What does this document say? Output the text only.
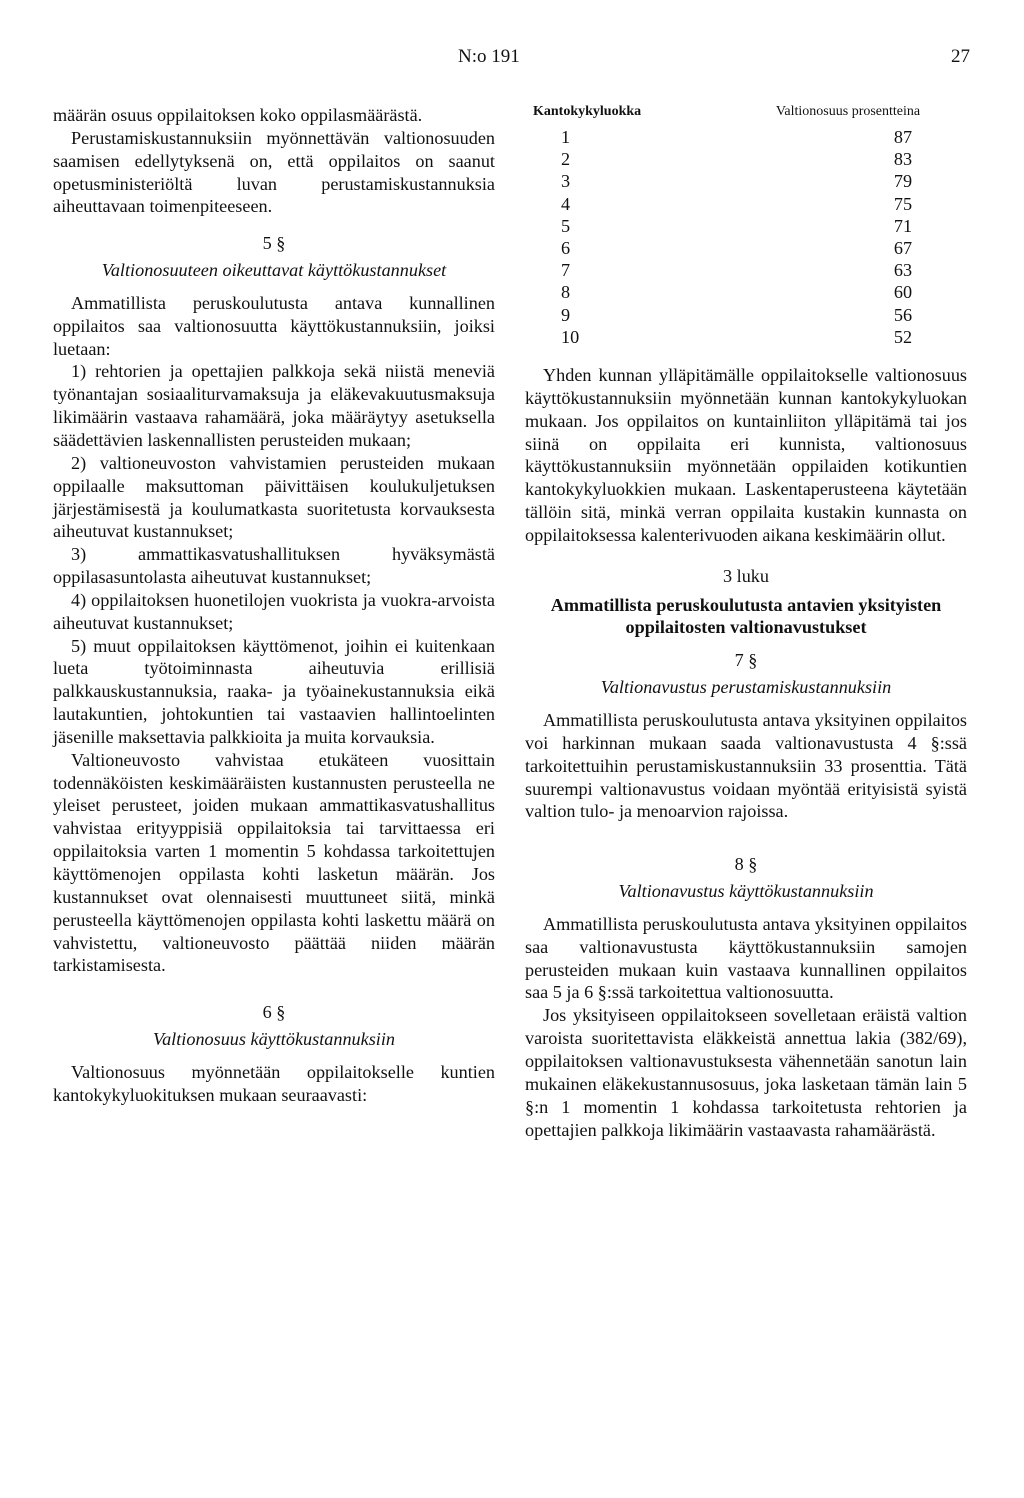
N:o 191	27

määrän osuus oppilaitoksen koko oppilasmäärästä.

Perustamiskustannuksiin myönnettävän valtionosuuden saamisen edellytyksenä on, että oppilaitos on saanut opetusministeriöltä luvan perustamiskustannuksia aiheuttavaan toimenpiteeseen.

5 §
Valtionosuuteen oikeuttavat käyttökustannukset

Ammatillista peruskoulutusta antava kunnallinen oppilaitos saa valtionosuutta käyttökustannuksiin, joiksi luetaan:

1) rehtorien ja opettajien palkkoja sekä niistä meneviä työnantajan sosiaaliturvamaksuja ja eläkevakuutusmaksuja likimäärin vastaava rahamäärä, joka määräytyy asetuksella säädettävien laskennallisten perusteiden mukaan;

2) valtioneuvoston vahvistamien perusteiden mukaan oppilaalle maksuttoman päivittäisen koulukuljetuksen järjestämisestä ja koulumatkasta suoritetusta korvauksesta aiheutuvat kustannukset;

3) ammattikasvatushallituksen hyväksymästä oppilasasuntolasta aiheutuvat kustannukset;

4) oppilaitoksen huonetilojen vuokrista ja vuokra-arvoista aiheutuvat kustannukset;

5) muut oppilaitoksen käyttömenot, joihin ei kuitenkaan lueta työtoiminnasta aiheutuvia erillisiä palkkauskustannuksia, raaka- ja työainekustannuksia eikä lautakuntien, johtokuntien tai vastaavien hallintoelinten jäsenille maksettavia palkkioita ja muita korvauksia.

Valtioneuvosto vahvistaa etukäteen vuosittain todennäköisten keskimääräisten kustannusten perusteella ne yleiset perusteet, joiden mukaan ammattikasvatushallitus vahvistaa erityyppisiä oppilaitoksia tai tarvittaessa eri oppilaitoksia varten 1 momentin 5 kohdassa tarkoitettujen käyttömenojen oppilasta kohti lasketun määrän. Jos kustannukset ovat olennaisesti muuttuneet siitä, minkä perusteella käyttömenojen oppilasta kohti laskettu määrä on vahvistettu, valtioneuvosto päättää niiden määrän tarkistamisesta.

6 §
Valtionosuus käyttökustannuksiin

Valtionosuus myönnetään oppilaitokselle kuntien kantokykyluokituksen mukaan seuraavasti:

Kantokykyluokka	Valtionosuus prosentteina
1	87
2	83
3	79
4	75
5	71
6	67
7	63
8	60
9	56
10	52

Yhden kunnan ylläpitämälle oppilaitokselle valtionosuus käyttökustannuksiin myönnetään kunnan kantokykyluokan mukaan. Jos oppilaitos on kuntainliiton ylläpitämä tai jos siinä on oppilaita eri kunnista, valtionosuus käyttökustannuksiin myönnetään oppilaiden kotikuntien kantokykyluokkien mukaan. Laskentaperusteena käytetään tällöin sitä, minkä verran oppilaita kustakin kunnasta on oppilaitoksessa kalenterivuoden aikana keskimäärin ollut.

3 luku
Ammatillista peruskoulutusta antavien yksityisten oppilaitosten valtionavustukset
7 §
Valtionavustus perustamiskustannuksiin

Ammatillista peruskoulutusta antava yksityinen oppilaitos voi harkinnan mukaan saada valtionavustusta 4 §:ssä tarkoitettuihin perustamiskustannuksiin 33 prosenttia. Tätä suurempi valtionavustus voidaan myöntää erityisistä syistä valtion tulo- ja menoarvion rajoissa.

8 §
Valtionavustus käyttökustannuksiin

Ammatillista peruskoulutusta antava yksityinen oppilaitos saa valtionavustusta käyttökustannuksiin samojen perusteiden mukaan kuin vastaava kunnallinen oppilaitos saa 5 ja 6 §:ssä tarkoitettua valtionosuutta.

Jos yksityiseen oppilaitokseen sovelletaan eräistä valtion varoista suoritettavista eläkkeistä annettua lakia (382/69), oppilaitoksen valtionavustuksesta vähennetään sanotun lain mukainen eläkekustannusosuus, joka lasketaan tämän lain 5 §:n 1 momentin 1 kohdassa tarkoitetusta rehtorien ja opettajien palkkoja likimäärin vastaavasta rahamäärästä.
